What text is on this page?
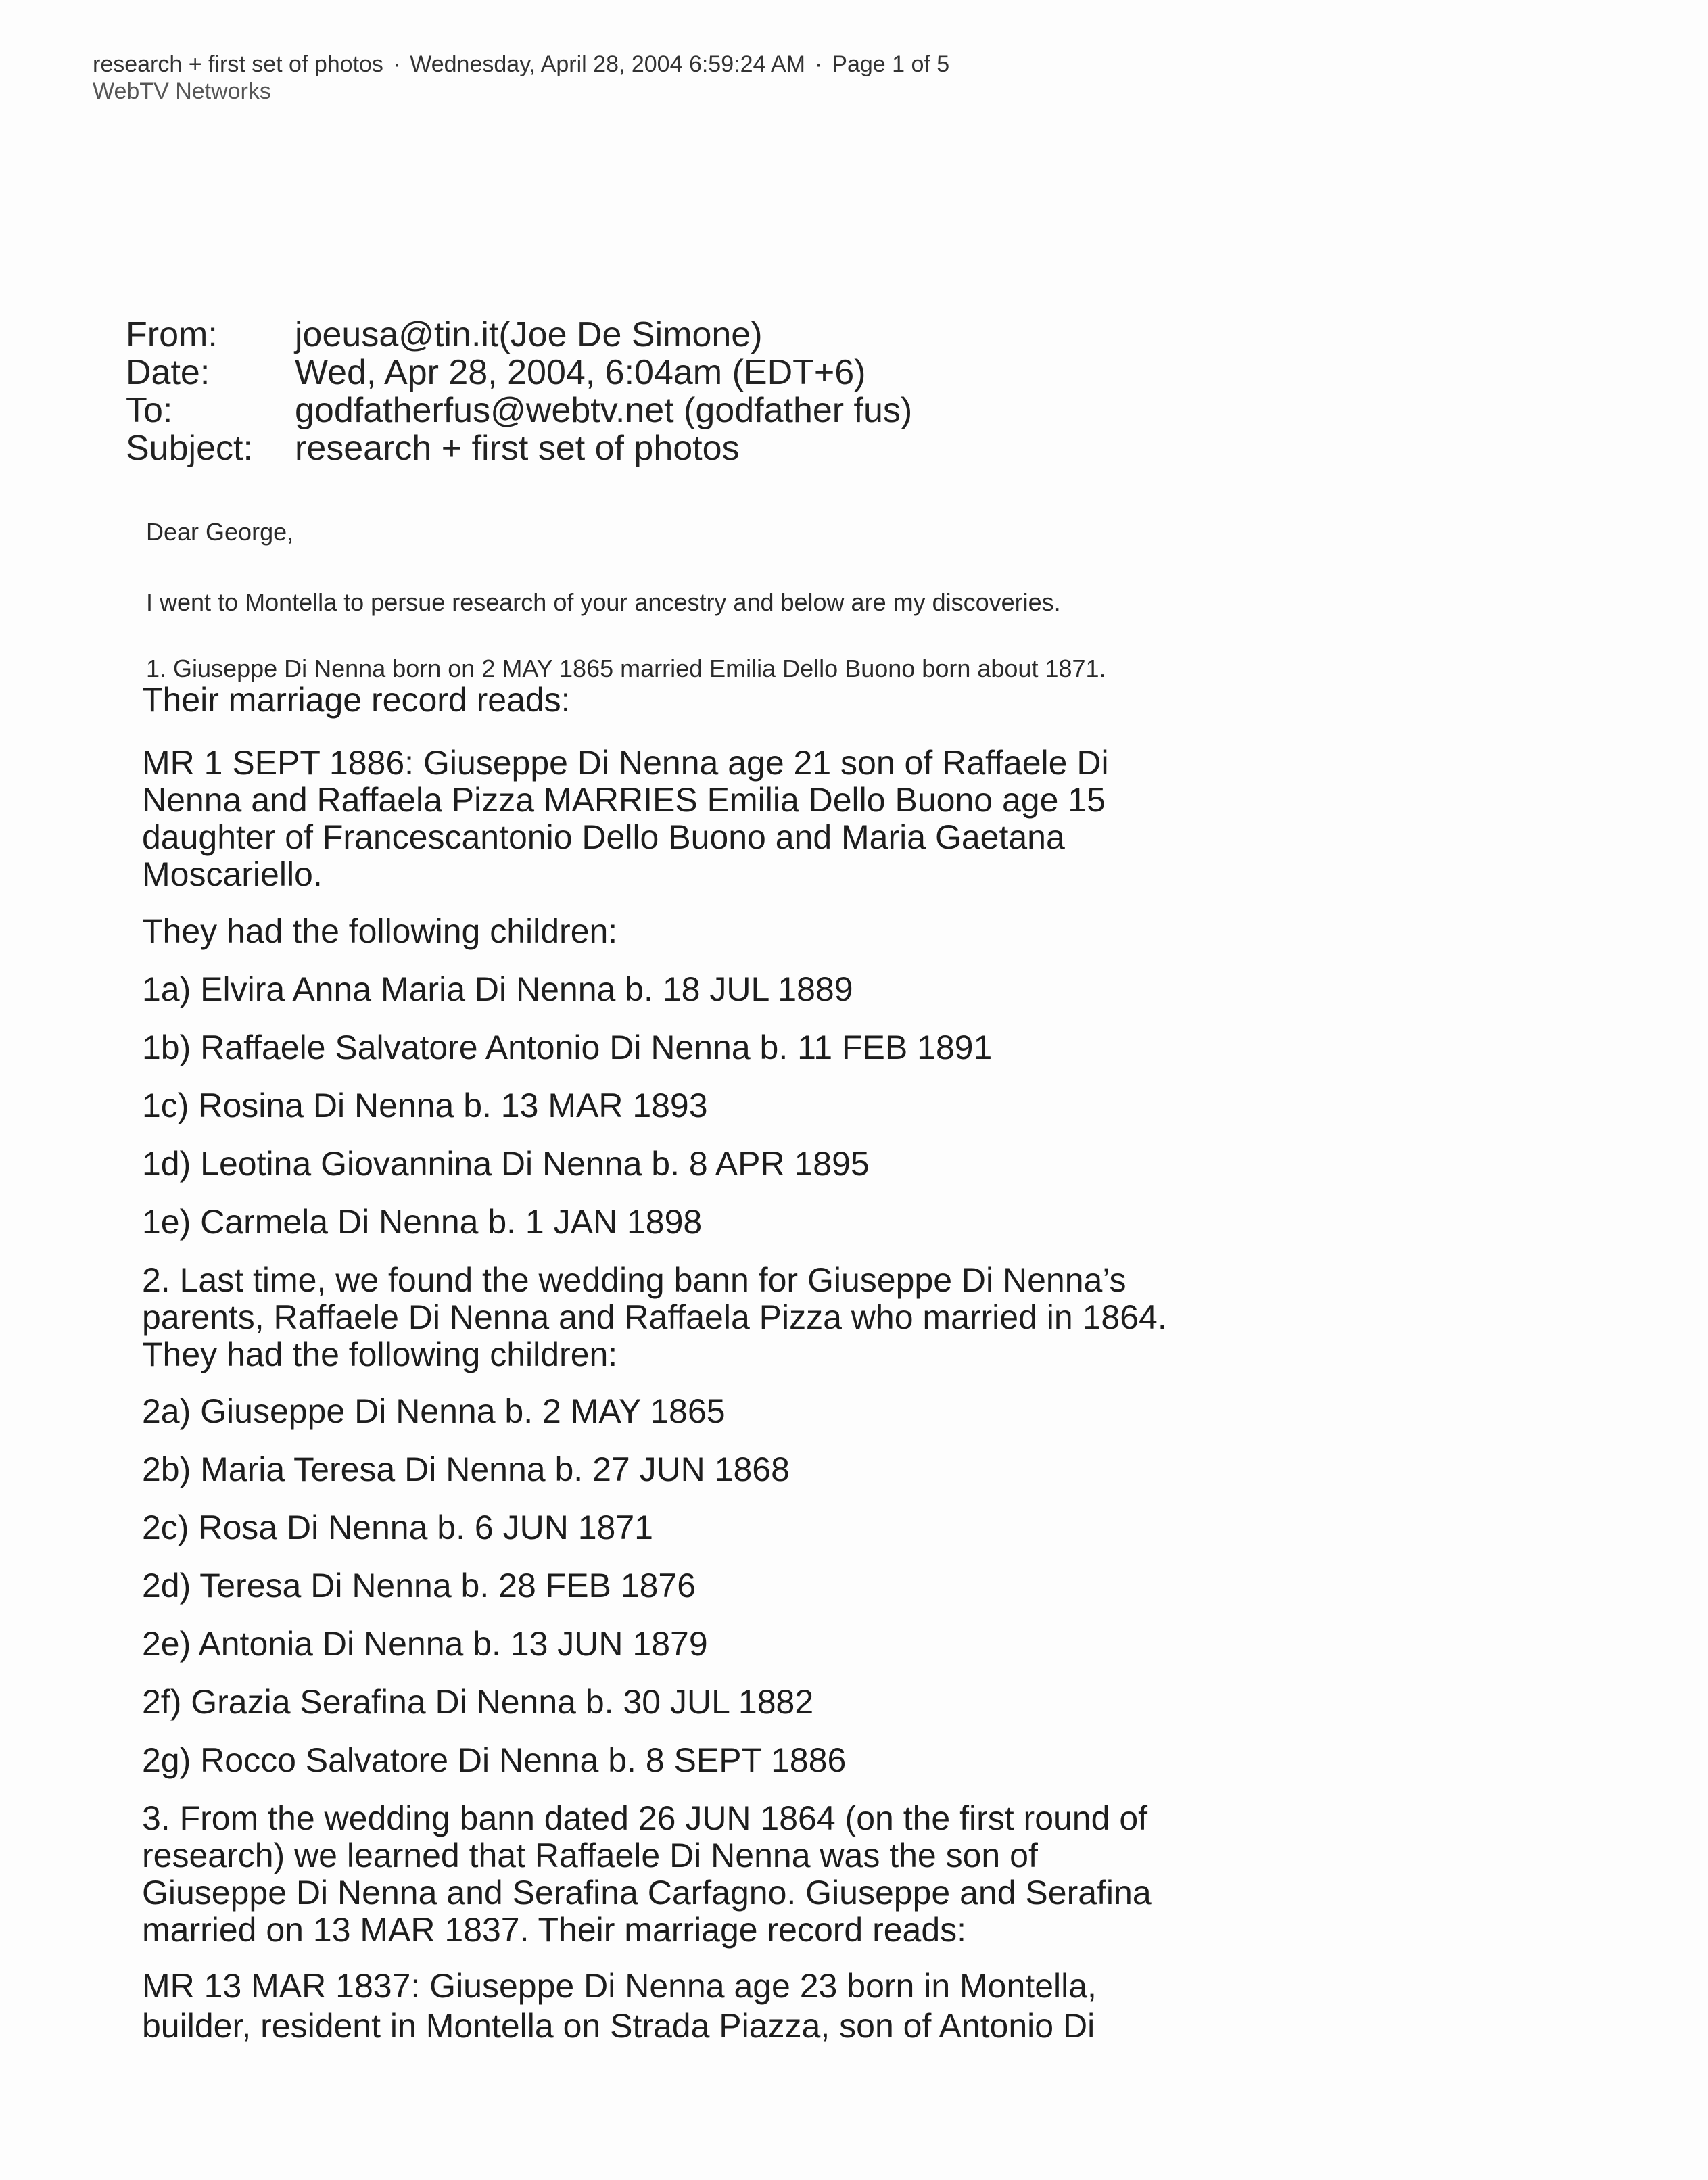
research + first set of photos · Wednesday, April 28, 2004 6:59:24 AM · Page 1 of 5
WebTV Networks
From:	joeusa@tin.it(Joe De Simone)
Date:	Wed, Apr 28, 2004, 6:04am (EDT+6)
To:	godfatherfus@webtv.net (godfather fus)
Subject:	research + first set of photos
Dear George,
I went to Montella to persue research of your ancestry and below are my discoveries.
1. Giuseppe Di Nenna born on 2 MAY 1865 married Emilia Dello Buono born about 1871.
Their marriage record reads:
MR 1 SEPT 1886: Giuseppe Di Nenna age 21 son of Raffaele Di
Nenna and Raffaela Pizza MARRIES Emilia Dello Buono age 15
daughter of Francescantonio Dello Buono and Maria Gaetana
Moscariello.
They had the following children:
1a) Elvira Anna Maria Di Nenna b. 18 JUL 1889
1b) Raffaele Salvatore Antonio Di Nenna b. 11 FEB 1891
1c) Rosina Di Nenna b. 13 MAR 1893
1d) Leotina Giovannina Di Nenna b. 8 APR 1895
1e) Carmela Di Nenna b. 1 JAN 1898
2. Last time, we found the wedding bann for Giuseppe Di Nenna’s
parents, Raffaele Di Nenna and Raffaela Pizza who married in 1864.
They had the following children:
2a) Giuseppe Di Nenna b. 2 MAY 1865
2b) Maria Teresa Di Nenna b. 27 JUN 1868
2c) Rosa Di Nenna b. 6 JUN 1871
2d) Teresa Di Nenna b. 28 FEB 1876
2e) Antonia Di Nenna b. 13 JUN 1879
2f) Grazia Serafina Di Nenna b. 30 JUL 1882
2g) Rocco Salvatore Di Nenna b. 8 SEPT 1886
3. From the wedding bann dated 26 JUN 1864 (on the first round of
research) we learned that Raffaele Di Nenna was the son of
Giuseppe Di Nenna and Serafina Carfagno. Giuseppe and Serafina
married on 13 MAR 1837. Their marriage record reads:
MR 13 MAR 1837: Giuseppe Di Nenna age 23 born in Montella,
builder, resident in Montella on Strada Piazza, son of Antonio Di
